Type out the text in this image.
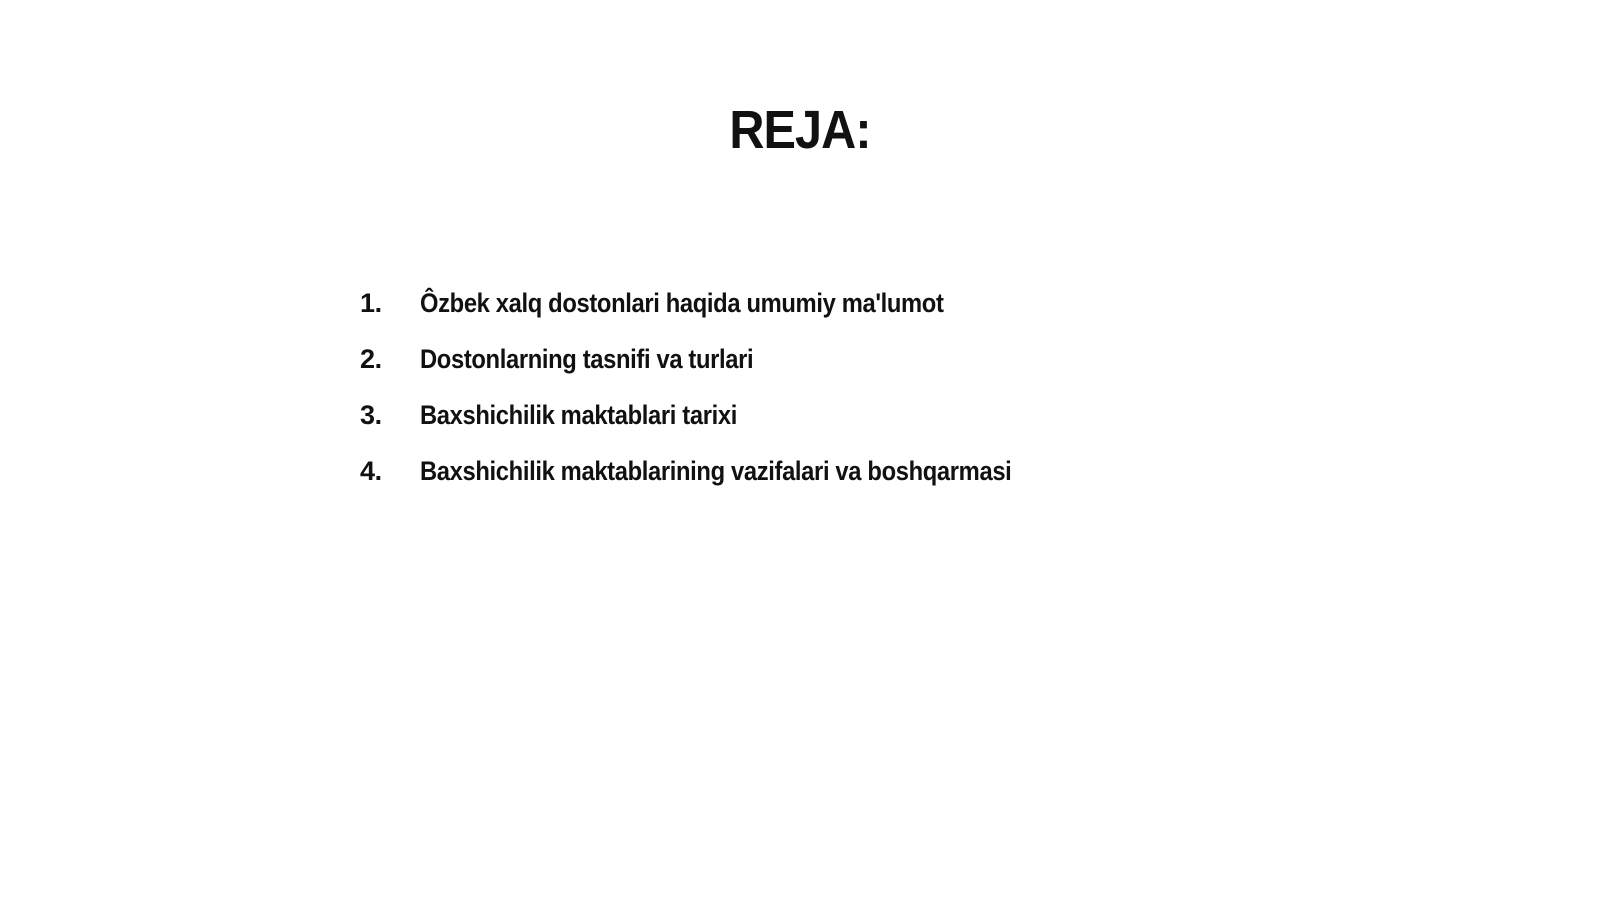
REJA:
1.	Ôzbek xalq dostonlari haqida umumiy ma'lumot
2.	Dostonlarning tasnifi va turlari
3.	Baxshichilik maktablari tarixi
4.	Baxshichilik maktablarining vazifalari va boshqarmasi
